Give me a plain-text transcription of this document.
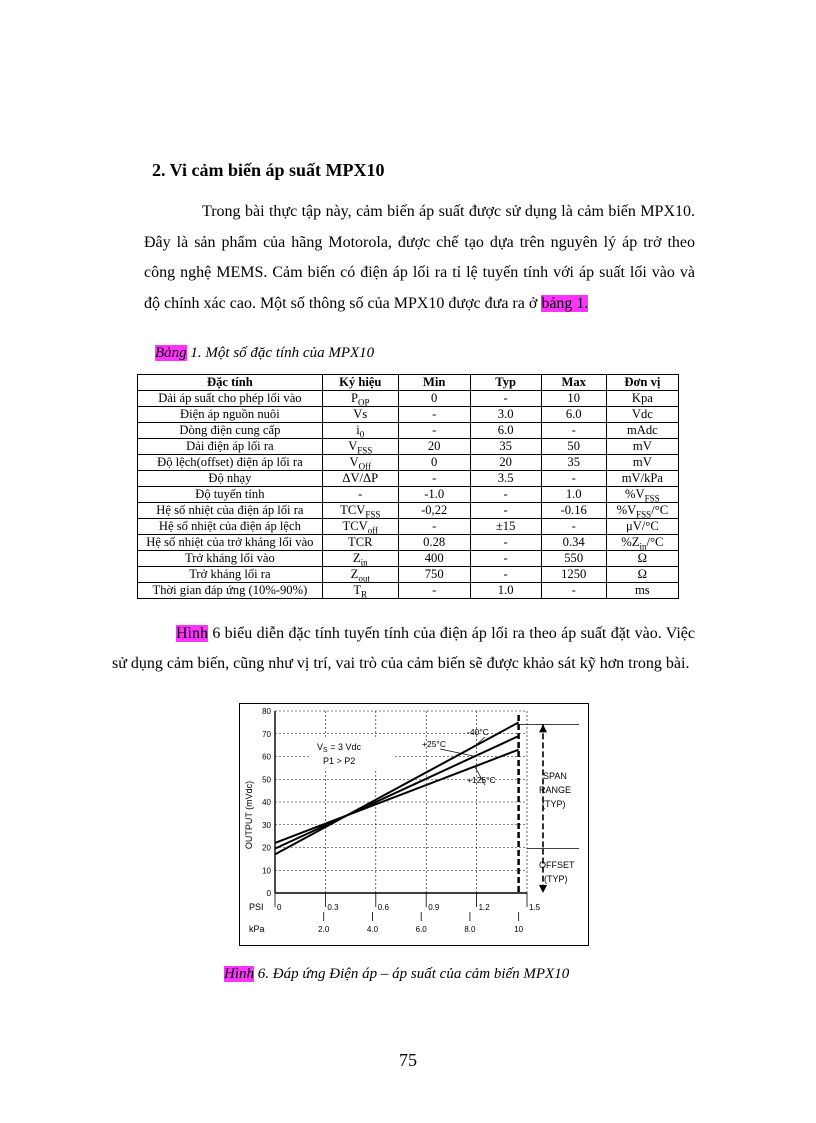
2. Vi cảm biến áp suất MPX10

Trong bài thực tập này, cảm biến áp suất được sử dụng là cảm biến MPX10. Đây là sản phẩm của hãng Motorola, được chế tạo dựa trên nguyên lý áp trở theo công nghệ MEMS. Cảm biến có điện áp lối ra tỉ lệ tuyến tính với áp suất lối vào và độ chính xác cao. Một số thông số của MPX10 được đưa ra ở bảng 1.

Bảng 1. Một số đặc tính của MPX10

Đặc tính	Ký hiệu	Min	Typ	Max	Đơn vị
Dải áp suất cho phép lối vào	$P_{OP}$	0	-	10	Kpa
Điện áp nguồn nuôi	Vs	-	3.0	6.0	Vdc
Dòng điện cung cấp	$i_0$	-	6.0	-	mAdc
Dải điện áp lối ra	$V_{FSS}$	20	35	50	mV
Độ lệch(offset) điện áp lối ra	$V_{Off}$	0	20	35	mV
Độ nhạy	ΔV/ΔP	-	3.5	-	mV/kPa
Độ tuyến tính	-	-1.0	-	1.0	$\%V_{FSS}$
Hệ số nhiệt của điện áp lối ra	$TCV_{FSS}$	-0,22	-	-0.16	$\%V_{FSS}/^\circ C$
Hệ số nhiệt của điện áp lệch	$TCV_{off}$	-	±15	-	μV/°C
Hệ số nhiệt của trở kháng lối vào	TCR	0.28	-	0.34	$\%Z_{in}/^\circ C$
Trở kháng lối vào	$Z_{in}$	400	-	550	Ω
Trở kháng lối ra	$Z_{out}$	750	-	1250	Ω
Thời gian đáp ứng (10%-90%)	$T_R$	-	1.0	-	ms

Hình 6 biểu diễn đặc tính tuyến tính của điện áp lối ra theo áp suất đặt vào. Việc sử dụng cảm biến, cũng như vị trí, vai trò của cảm biến sẽ được khảo sát kỹ hơn trong bài.

0
10
20
30
40
50
60
70
80
0	0.3	0.6	0.9	1.2	1.5
2.0	4.0	6.0	8.0	10
-40°C
+25°C
+125°C
OUTPUT (mVdc)
PSI
kPa
$V_S = 3$ Vdc
P1 > P2
SPAN
RANGE
(TYP)
OFFSET
(TYP)

Hình 6. Đáp ứng Điện áp – áp suất của cảm biến MPX10

75
